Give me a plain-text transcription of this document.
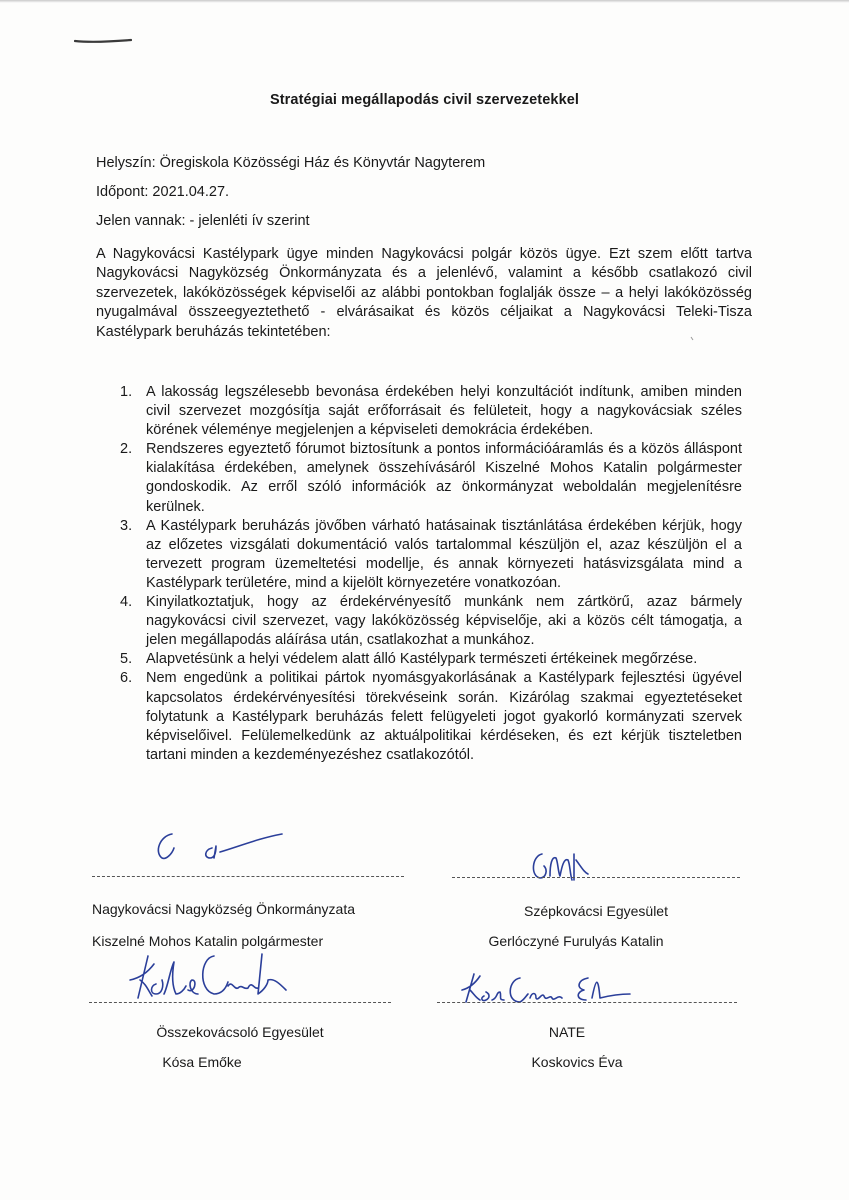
Stratégiai megállapodás civil szervezetekkel
Helyszín: Öregiskola Közösségi Ház és Könyvtár Nagyterem
Időpont: 2021.04.27.
Jelen vannak: - jelenléti ív szerint

A Nagykovácsi Kastélypark ügye minden Nagykovácsi polgár közös ügye. Ezt szem előtt tartva Nagykovácsi Nagyközség Önkormányzata és a jelenlévő, valamint a később csatlakozó civil szervezetek, lakóközösségek képviselői az alábbi pontokban foglalják össze – a helyi lakóközösség nyugalmával összeegyeztethető - elvárásaikat és közös céljaikat a Nagykovácsi Teleki-Tisza Kastélypark beruházás tekintetében:

1. A lakosság legszélesebb bevonása érdekében helyi konzultációt indítunk, amiben minden civil szervezet mozgósítja saját erőforrásait és felületeit, hogy a nagykovácsiak széles körének véleménye megjelenjen a képviseleti demokrácia érdekében.
2. Rendszeres egyeztető fórumot biztosítunk a pontos információáramlás és a közös álláspont kialakítása érdekében, amelynek összehívásáról Kiszelné Mohos Katalin polgármester gondoskodik. Az erről szóló információk az önkormányzat weboldalán megjelenítésre kerülnek.
3. A Kastélypark beruházás jövőben várható hatásainak tisztánlátása érdekében kérjük, hogy az előzetes vizsgálati dokumentáció valós tartalommal készüljön el, azaz készüljön el a tervezett program üzemeltetési modellje, és annak környezeti hatásvizsgálata mind a Kastélypark területére, mind a kijelölt környezetére vonatkozóan.
4. Kinyilatkoztatjuk, hogy az érdekérvényesítő munkánk nem zártkörű, azaz bármely nagykovácsi civil szervezet, vagy lakóközösség képviselője, aki a közös célt támogatja, a jelen megállapodás aláírása után, csatlakozhat a munkához.
5. Alapvetésünk a helyi védelem alatt álló Kastélypark természeti értékeinek megőrzése.
6. Nem engedünk a politikai pártok nyomásgyakorlásának a Kastélypark fejlesztési ügyével kapcsolatos érdekérvényesítési törekvéseink során. Kizárólag szakmai egyeztetéseket folytatunk a Kastélypark beruházás felett felügyeleti jogot gyakorló kormányzati szervek képviselőivel. Felülemelkedünk az aktuálpolitikai kérdéseken, és ezt kérjük tiszteletben tartani minden a kezdeményezéshez csatlakozótól.
Nagykovácsi Nagyközség Önkormányzata
Kiszelné Mohos Katalin polgármester
Szépkovácsi Egyesület
Gerlóczyné Furulyás Katalin
Összekovácsoló Egyesület
Kósa Emőke
NATE
Koskovics Éva
